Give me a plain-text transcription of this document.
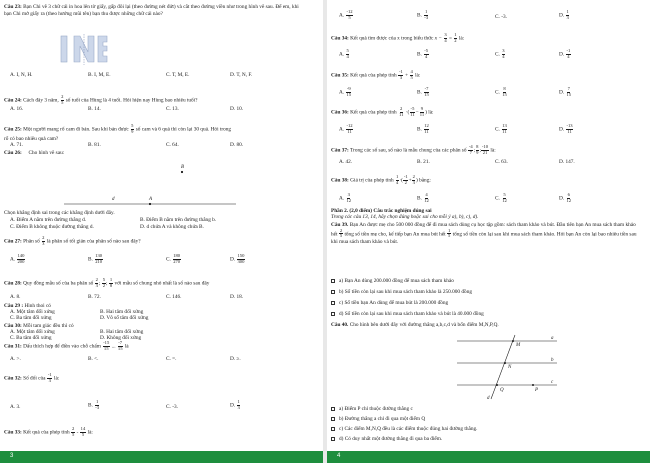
Câu 23: Bạn Chi vẽ 3 chữ cái in hoa lên tờ giấy, gấp đôi lại (theo đường nét đứt) và cắt theo đường viền như trong hình vẽ sau. Để em, khi bạn Chi mở giấy ra (theo hướng mũi tên) bạn thu được những chữ cái nào?
A. I, N, H.	B. I, M, E.	C. T, M, E.	D. T, N, F.
Câu 24: Cách đây 3 năm, $\frac{2}{5}$ số tuổi của Hùng là 4 tuổi. Hỏi hiện nay Hùng bao nhiêu tuổi?
A. 16.	B. 14.	C. 13.	D. 10.
Câu 25: Một người mang rổ cam đi bán. Sau khi bán được $\frac{5}{9}$ số cam và 6 quả thì còn lại 30 quả. Hỏi trong
rổ có bao nhiêu quả cam?
A. 71.	B. 81.	C. 64.	D. 80.
Câu 26: Cho hình vẽ sau:
B
d	A
Chọn khẳng định sai trong các khẳng định dưới đây.
A. Điểm A nằm trên đường thẳng d.	B. Điểm B nằm trên đường thẳng b.
C. Điểm B không thuộc đường thẳng d.	D. d chứa A và không chứa B.
Câu 27: Phân số $\frac{2}{3}$ là phân số tối giản của phân số nào sau đây?
A. $\frac{140}{200}$	B. $\frac{130}{210}$	C. $\frac{180}{270}$	D. $\frac{150}{300}$
Câu 28: Quy đồng mẫu số của ba phân số $\frac{2}{3}$ ; $\frac{5}{2}$ ; $\frac{1}{8}$ với mẫu số chung nhỏ nhất là số nào sau đây
A. 8.	B. 72.	C. 146.	D. 18.
Câu 29 : Hình thoi có
A. Một tâm đối xứng	B. Hai tâm đối xứng
C. Ba tâm đối xứng	D. Vô số tâm đối xứng
Câu 30: Mỗi tam giác đều thì có
A. Một tâm đối xứng	B. Hai tâm đối xứng
C. Ba tâm đối xứng	D. Không đối xứng
Câu 31: Dấu thích hợp để điền vào chỗ chấm $\frac{-15}{15}$ ... $\frac{-7}{15}$ là
A. >.	B. <.	C. =.	D. ≥.
Câu 32: Số đối của $\frac{-1}{3}$ là:
A. 3.	B. $\frac{1}{-3}$	C. -3.	D. $\frac{1}{3}$
Câu 33: Kết quả của phép tính $\frac{2}{5} - \frac{14}{5}$ là:
3
A. $\frac{-12}{5}$	B. $\frac{1}{-3}$	C. -3.	D. $\frac{1}{3}$
Câu 34: Kết quả tìm được của x trong biểu thức $x - \frac{3}{4} = \frac{1}{2}$ là:
A. $\frac{5}{4}$	B. $\frac{-5}{4}$	C. $\frac{3}{4}$	D. $\frac{-1}{4}$
Câu 35: Kết quả của phép tính $\frac{-1}{3} + \frac{4}{5}$ là:
A. $\frac{-9}{15}$	B. $\frac{-7}{15}$	C. $\frac{8}{15}$	D. $\frac{7}{15}$
Câu 36: Kết quả của phép tính $\frac{2}{11}$ ·( $\frac{-5}{11} - \frac{9}{11}$ ) là:
A. $\frac{-12}{11}$	B. $\frac{12}{11}$	C. $\frac{13}{11}$	D. $\frac{-13}{11}$
Câu 37: Trong các số sau, số nào là mẫu chung của các phân số $\frac{-4}{7}$ ; $\frac{8}{9}$ ; $\frac{-10}{21}$ là:
A. 42.	B. 21.	C. 63.	D. 147.
Câu 38: Giá trị của phép tính $\frac{1}{4}$ ·( $\frac{-1}{2} + \frac{2}{3}$ ) bằng:
A. $\frac{3}{12}$	B. $\frac{4}{12}$	C. $\frac{5}{12}$	D. $\frac{6}{12}$
Phần 2. (2,0 điểm) Câu trắc nghiệm đúng sai
Trong các câu 13, 14, hãy chọn đúng hoặc sai cho mỗi ý a), b), c), d).
Câu 39. Bạn An được mẹ cho 500 000 đồng để đi mua sách dùng cụ học tập gồm: sách tham khảo và bút. Đầu tiên bạn An mua sách tham khảo hết $\frac{2}{5}$ tổng số tiền mẹ cho, kế tiếp bạn An mua bút hết $\frac{1}{5}$ tổng số tiền còn lại sau khi mua sách tham khảo. Hỏi bạn An còn lại bao nhiêu tiền sau khi mua sách tham khảo và bút.
a) Bạn An dùng 200.000 đồng để mua sách tham khảo
b) Số tiền còn lại sau khi mua sách tham khảo là 250.000 đồng
c) Số tiền bạn An dùng để mua bút là 200.000 đồng
d) Số tiền còn lại sau khi mua sách tham khảo và bút là 40.000 đồng
Câu 40. Cho hình bên dưới đây với đường thẳng a,b,c,d và bốn điểm M,N,P,Q.
a
b
c
d
M
N
P
Q
a) Điểm P chỉ thuộc đường thẳng c
b) Đường thẳng a chỉ đi qua một điểm Q
c) Các điểm M,N,Q đều là các điểm thuộc đúng hai đường thẳng.
d) Có duy nhất một đường thẳng đi qua ba điểm.
4
